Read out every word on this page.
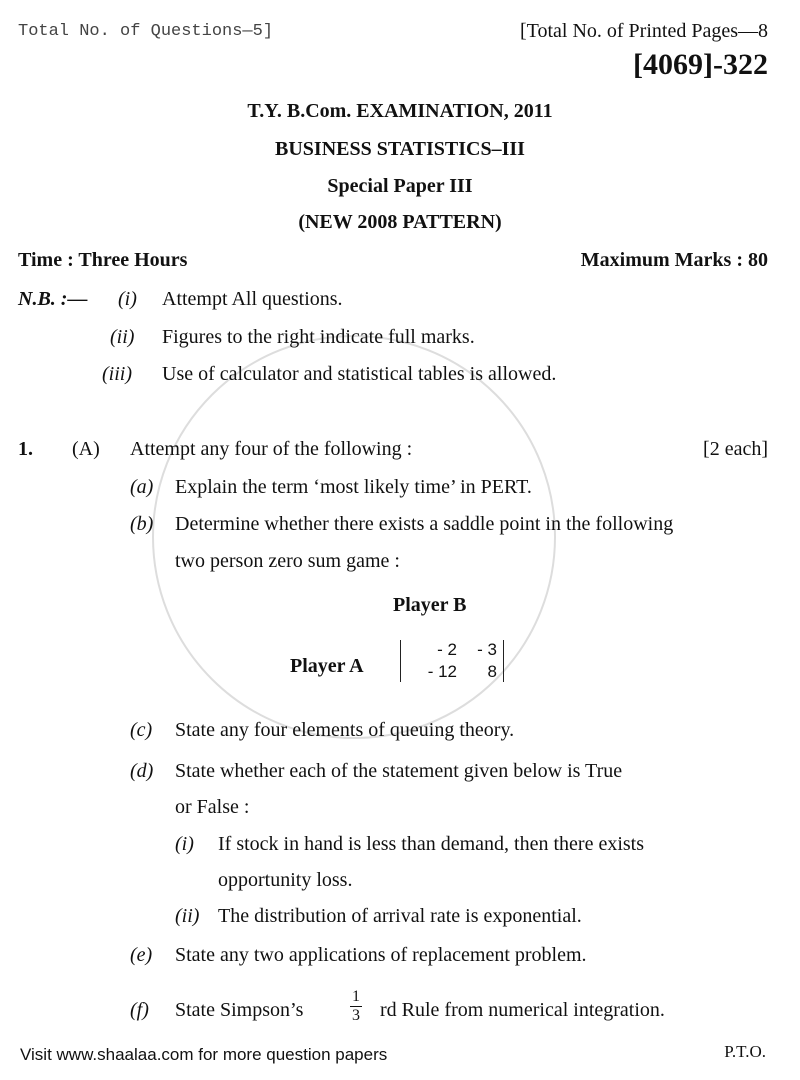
Total No. of Questions—5]	[Total No. of Printed Pages—8
[4069]-322
T.Y. B.Com. EXAMINATION, 2011
BUSINESS STATISTICS–III
Special Paper III
(NEW 2008 PATTERN)
Time : Three Hours	Maximum Marks : 80
N.B. :— (i) Attempt All questions.
(ii) Figures to the right indicate full marks.
(iii) Use of calculator and statistical tables is allowed.
1. (A) Attempt any four of the following :	[2 each]
(a) Explain the term ‘most likely time’ in PERT.
(b) Determine whether there exists a saddle point in the following
two person zero sum game :
Player B
Player A
- 2	- 3
- 12	8
(c) State any four elements of queuing theory.
(d) State whether each of the statement given below is True
or False :
(i) If stock in hand is less than demand, then there exists
opportunity loss.
(ii) The distribution of arrival rate is exponential.
(e) State any two applications of replacement problem.
(f) State Simpson’s	$\frac{1}{3}$ rd Rule from numerical integration.
Visit www.shaalaa.com for more question papers	P.T.O.
